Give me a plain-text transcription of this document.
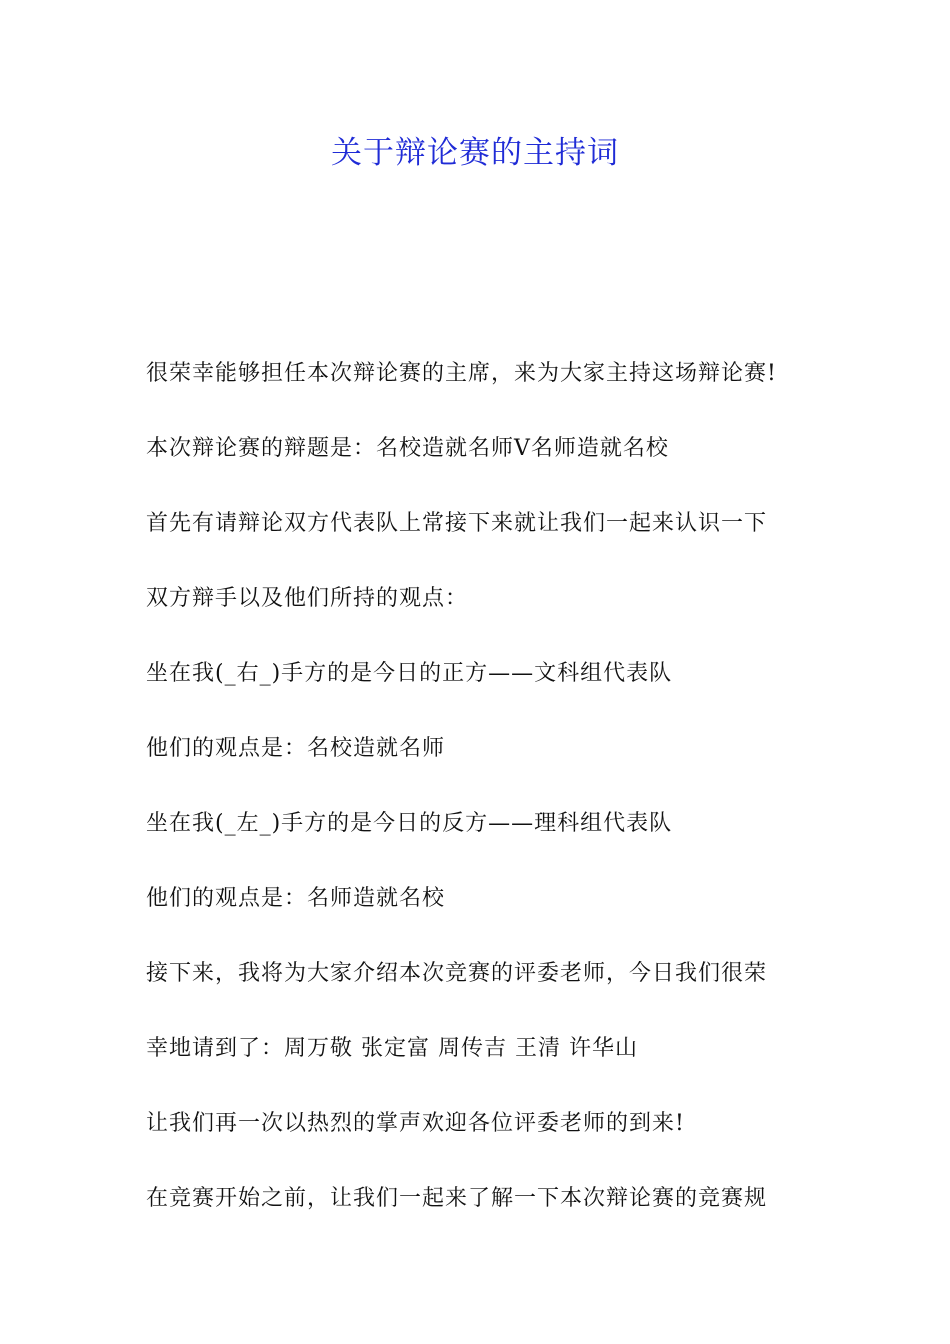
关于辩论赛的主持词
很荣幸能够担任本次辩论赛的主席，来为大家主持这场辩论赛!
本次辩论赛的辩题是：名校造就名师V名师造就名校
首先有请辩论双方代表队上常接下来就让我们一起来认识一下
双方辩手以及他们所持的观点：
坐在我(_右_)手方的是今日的正方——文科组代表队
他们的观点是：名校造就名师
坐在我(_左_)手方的是今日的反方——理科组代表队
他们的观点是：名师造就名校
接下来，我将为大家介绍本次竞赛的评委老师，今日我们很荣
幸地请到了：周万敬 张定富 周传吉 王清 许华山
让我们再一次以热烈的掌声欢迎各位评委老师的到来!
在竞赛开始之前，让我们一起来了解一下本次辩论赛的竞赛规
